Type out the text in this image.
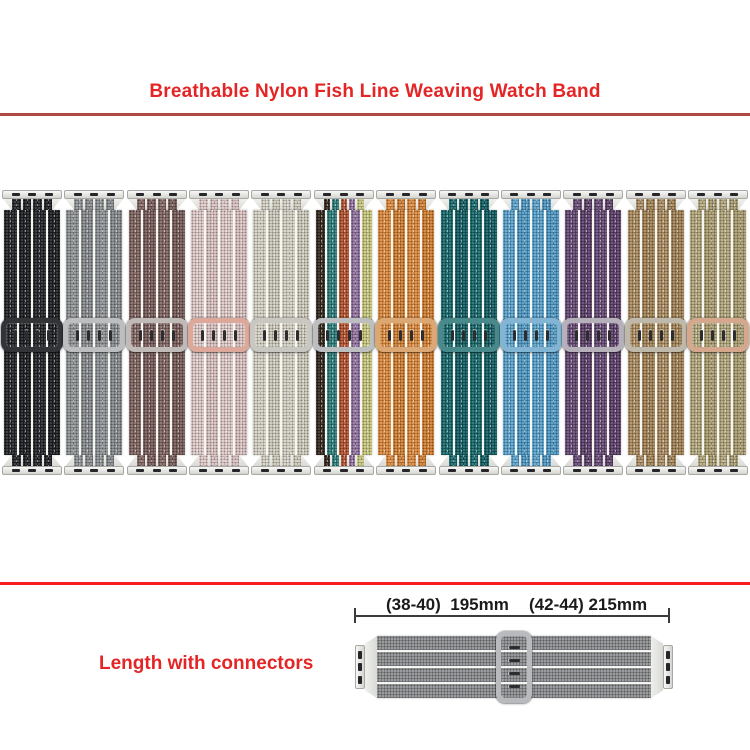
Breathable Nylon Fish Line Weaving Watch Band
(38-40)  195mm (42-44) 215mm
Length with connectors
